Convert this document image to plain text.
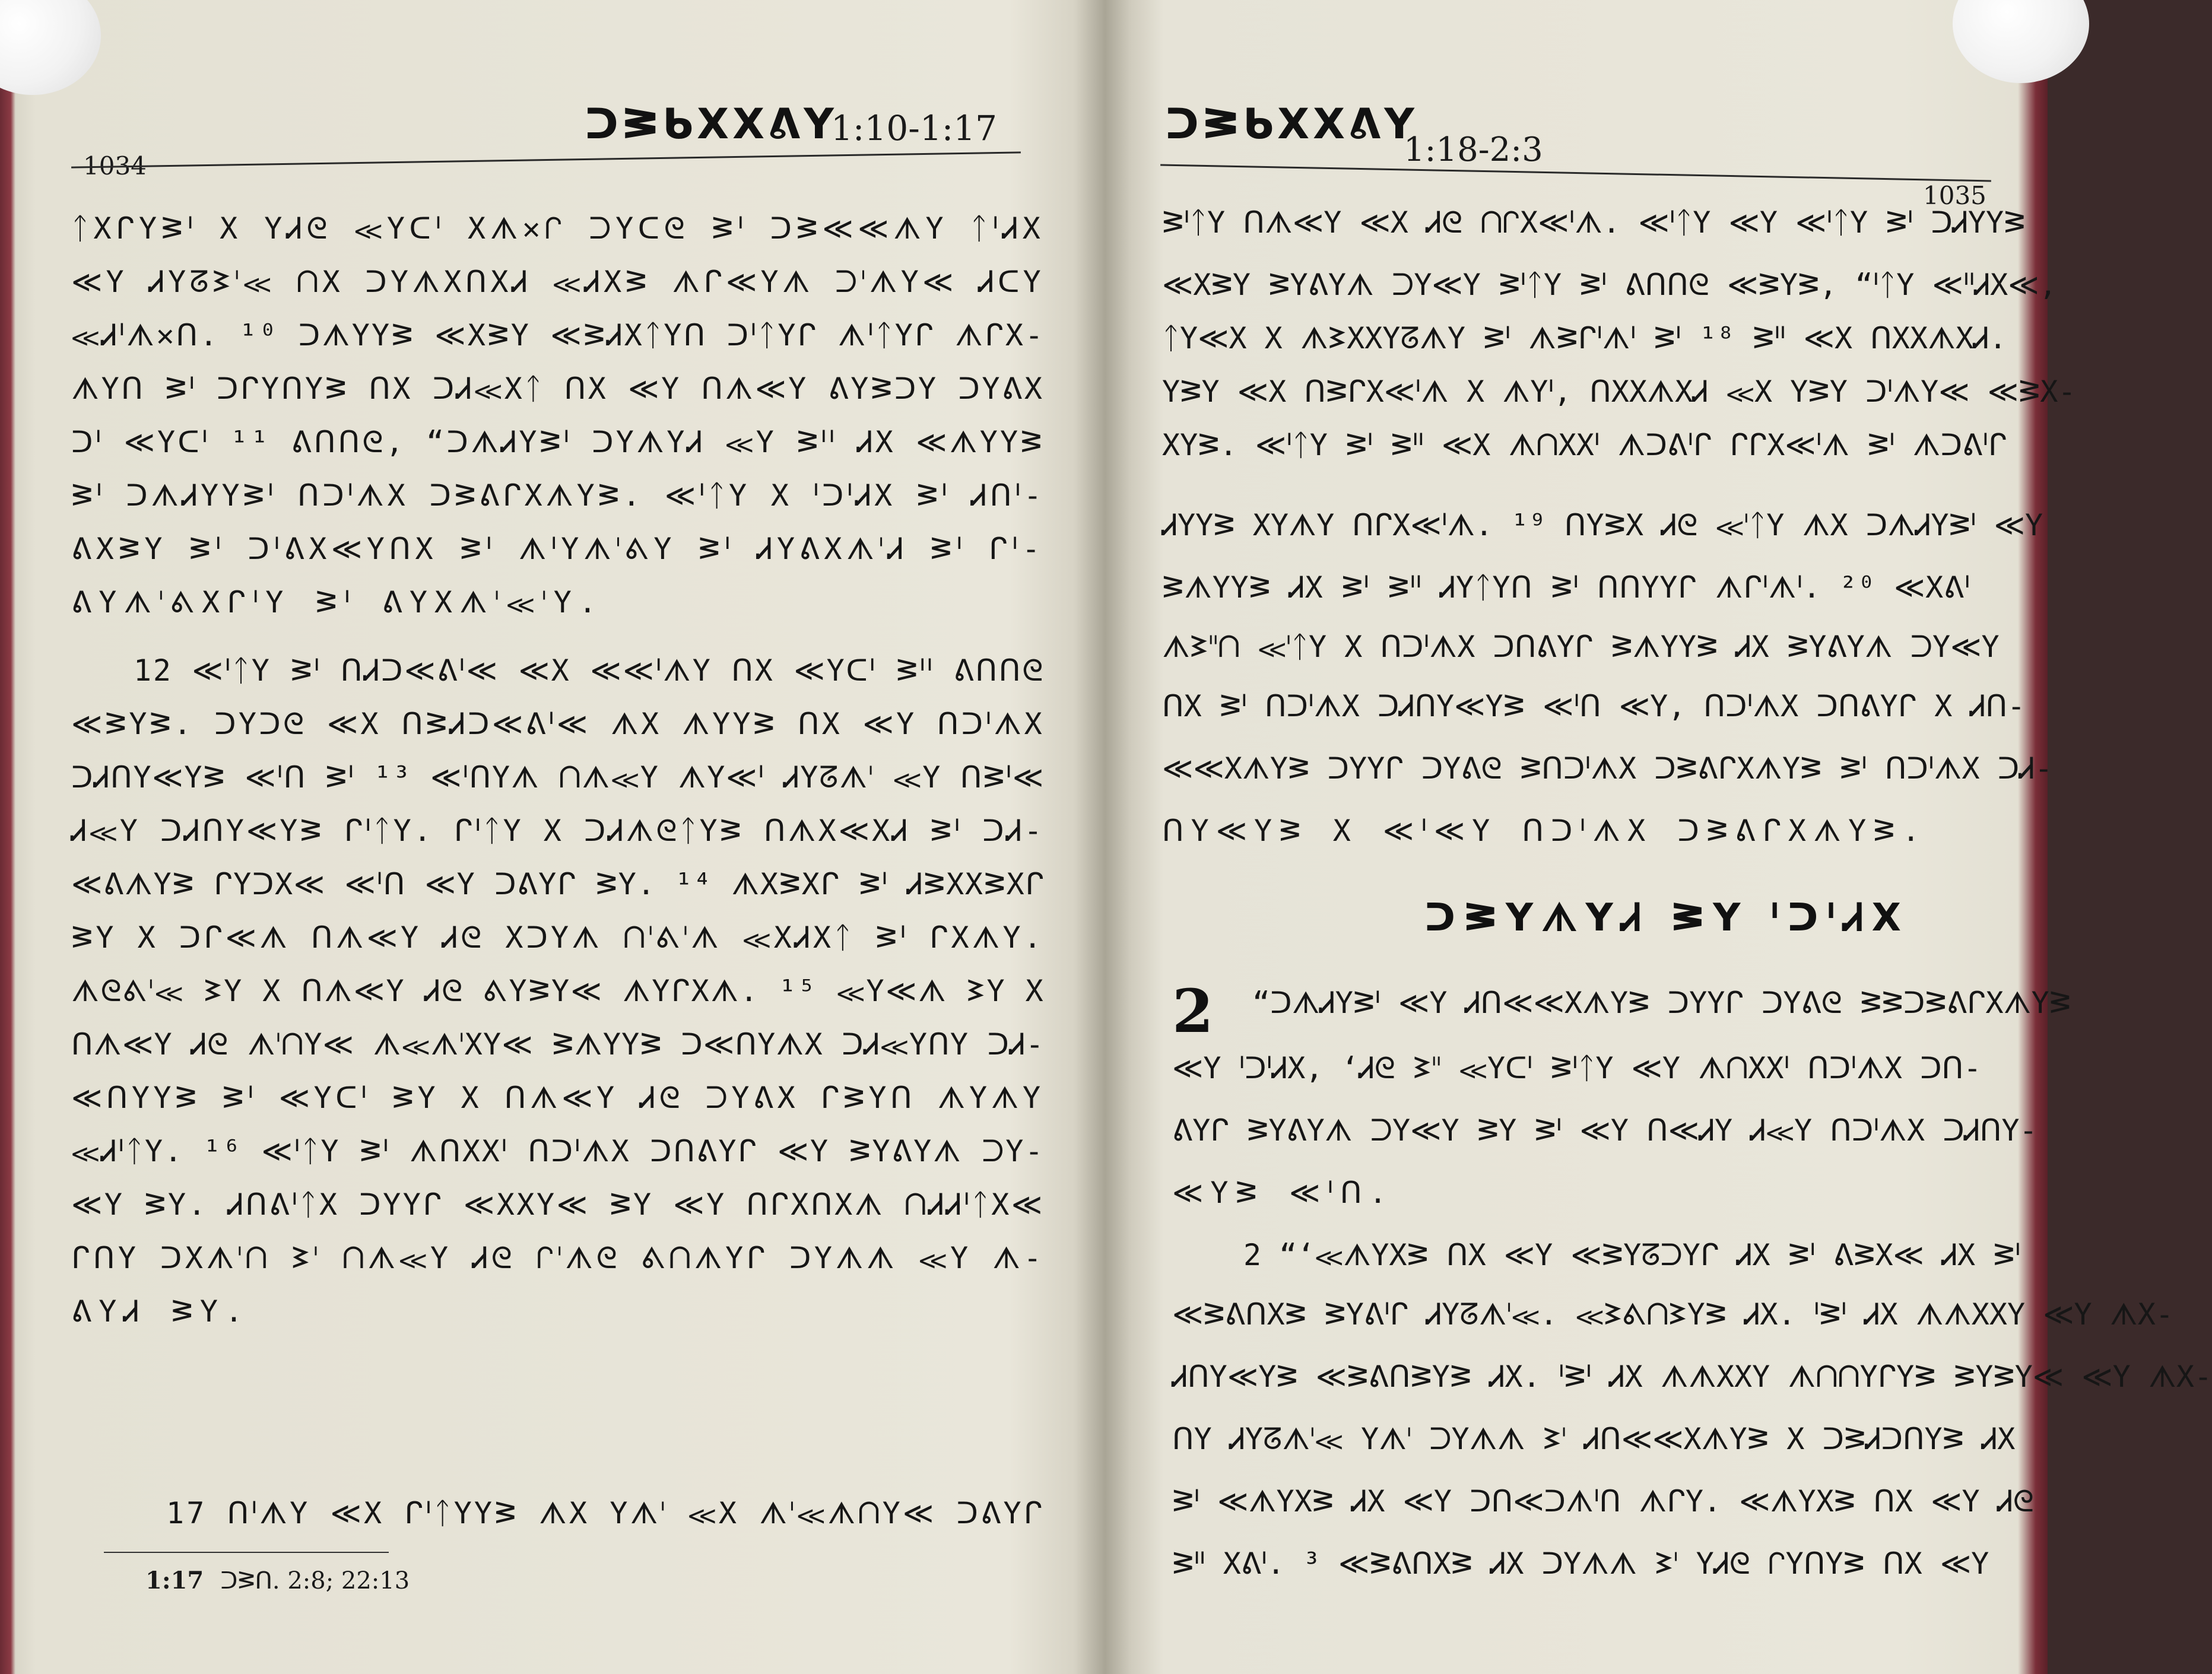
ᑐᕒᑲXXᕕY
1:10-1:17
1034
ᛏXᒋYᕒᑊ X YᏗᘓ ≪Yᑕᑊ Xᗑ✕ᒋ ᑐYᑕᘓ ᕒᑊ ᑐᕒ≪≪ᗑY ᛏᑊᏗX
≪Y ᏗYᘔᕒᑊ≪ ᑎX ᑐYᗑXᑎXᏗ ≪ᏗXᕒ ᗑᒋ≪Yᗑ ᑐᑊᗑY≪ ᏗᑕY
≪Ꮧᑊᗑ✕ᑎ. ¹⁰ ᑐᗑYYᕒ ≪XᕒY ≪ᕒᏗXᛏYᑎ ᑐᑊᛏYᒋ ᗑᑊᛏYᒋ ᗑᒋX-
ᗑYᑎ ᕒᑊ ᑐᒋYᑎYᕒ ᑎX ᑐᏗ≪Xᛏ ᑎX ≪Y ᑎᗑ≪Y ᕕYᕒᑐY ᑐYᕕX
ᑐᑊ ≪Yᑕᑊ ¹¹ ᕕᑎᑎᘓ, “ᑐᗑᏗYᕒᑊ ᑐYᗑYᏗ ≪Y ᕒᑊᑊ ᏗX ≪ᗑYYᕒ
ᕒᑊ ᑐᗑᏗYYᕒᑊ ᑎᑐᑊᗑX ᑐᕒᕕᒋXᗑYᕒ. ≪ᑊᛏY X ᑊᑐᑊᏗX ᕒᑊ Ꮧᑎᑊ-
ᕕXᕒY ᕒᑊ ᑐᑊᕕX≪YᑎX ᕒᑊ ᗑᑊYᗑᑊᕕY ᕒᑊ ᏗYᕕXᗑᑊᏗ ᕒᑊ ᒋᑊ-
ᕕYᗑᑊᕕXᒋᑊY ᕒᑊ ᕕYXᗑᑊ≪ᑊY.
12 ≪ᑊᛏY ᕒᑊ ᑎᏗᑐ≪ᕕᑊ≪ ≪X ≪≪ᑊᗑY ᑎX ≪Yᑕᑊ ᕒᑊᑊ ᕕᑎᑎᘓ
≪ᕒYᕒ. ᑐYᑐᘓ ≪X ᑎᕒᏗᑐ≪ᕕᑊ≪ ᗑX ᗑYYᕒ ᑎX ≪Y ᑎᑐᑊᗑX
ᑐᏗᑎY≪Yᕒ ≪ᑊᑎ ᕒᑊ ¹³ ≪ᑊᑎYᗑ ᑎᗑ≪Y ᗑY≪ᑊ ᏗYᘔᗑᑊ ≪Y ᑎᕒᑊ≪
Ꮧ≪Y ᑐᏗᑎY≪Yᕒ ᒋᑊᛏY. ᒋᑊᛏY X ᑐᏗᗑᘓᛏYᕒ ᑎᗑX≪XᏗ ᕒᑊ ᑐᏗ-
≪ᕕᗑYᕒ ᒋYᑐX≪ ≪ᑊᑎ ≪Y ᑐᕕYᒋ ᕒY. ¹⁴ ᗑXᕒXᒋ ᕒᑊ ᏗᕒXXᕒXᒋ
ᕒY X ᑐᒋ≪ᗑ ᑎᗑ≪Y Ꮧᘓ XᑐYᗑ ᑎᑊᕕᑊᗑ ≪XᏗXᛏ ᕒᑊ ᒋXᗑY.
ᗑᘓᕕᑊ≪ ᕒY X ᑎᗑ≪Y Ꮧᘓ ᕕYᕒY≪ ᗑYᒋXᗑ. ¹⁵ ≪Y≪ᗑ ᕒY X
ᑎᗑ≪Y Ꮧᘓ ᗑᑊᑎY≪ ᗑ≪ᗑᑊXY≪ ᕒᗑYYᕒ ᑐ≪ᑎYᗑX ᑐᏗ≪YᑎY ᑐᏗ-
≪ᑎYYᕒ ᕒᑊ ≪Yᑕᑊ ᕒY X ᑎᗑ≪Y Ꮧᘓ ᑐYᕕX ᒋᕒYᑎ ᗑYᗑY
≪ᏗᑊᛏY. ¹⁶ ≪ᑊᛏY ᕒᑊ ᗑᑎXXᑊ ᑎᑐᑊᗑX ᑐᑎᕕYᒋ ≪Y ᕒYᕕYᗑ ᑐY-
≪Y ᕒY. ᏗᑎᕕᑊᛏX ᑐYYᒋ ≪XXY≪ ᕒY ≪Y ᑎᒋXᑎXᗑ ᑎᏗᏗᑊᛏX≪
ᒋᑎY ᑐXᗑᑊᑎ ᕒᑊ ᑎᗑ≪Y Ꮧᘓ ᒋᑊᗑᘓ ᕕᑎᗑYᒋ ᑐYᗑᗑ ≪Y ᗑ-
ᕕYᏗ ᕒY.
17 ᑎᑊᗑY ≪X ᒋᑊᛏYYᕒ ᗑX Yᗑᑊ ≪X ᗑᑊ≪ᗑᑎY≪ ᑐᕕYᒋ
1:17 ᑐᕒᑎ. 2:8; 22:13
ᑐᕒᑲXXᕕY
1:18-2:3
1035
ᕒᑊᛏY ᑎᗑ≪Y ≪X Ꮧᘓ ᑎᒋX≪ᑊᗑ. ≪ᑊᛏY ≪Y ≪ᑊᛏY ᕒᑊ ᑐᏗYYᕒ
≪XᕒY ᕒYᕕYᗑ ᑐY≪Y ᕒᑊᛏY ᕒᑊ ᕕᑎᑎᘓ ≪ᕒYᕒ, “ᑊᛏY ≪ᑊᑊᏗX≪,
ᛏY≪X X ᗑᕒXXYᘔᗑY ᕒᑊ ᗑᕒᒋᑊᗑᑊ ᕒᑊ ¹⁸ ᕒᑊᑊ ≪X ᑎXXᗑXᏗ.
YᕒY ≪X ᑎᕒᒋX≪ᑊᗑ X ᗑYᑊ, ᑎXXᗑXᏗ ≪X YᕒY ᑐᑊᗑY≪ ≪ᕒX-
XYᕒ. ≪ᑊᛏY ᕒᑊ ᕒᑊᑊ ≪X ᗑᑎXXᑊ ᗑᑐᕕᑊᒋ ᒋᒋX≪ᑊᗑ ᕒᑊ ᗑᑐᕕᑊᒋ
ᏗYYᕒ XYᗑY ᑎᒋX≪ᑊᗑ. ¹⁹ ᑎYᕒX Ꮧᘓ ≪ᑊᛏY ᗑX ᑐᗑᏗYᕒᑊ ≪Y
ᕒᗑYYᕒ ᏗX ᕒᑊ ᕒᑊᑊ ᏗYᛏYᑎ ᕒᑊ ᑎᑎYYᒋ ᗑᒋᑊᗑᑊ. ²⁰ ≪Xᕕᑊ
ᗑᕒᑊᑊᑎ ≪ᑊᛏY X ᑎᑐᑊᗑX ᑐᑎᕕYᒋ ᕒᗑYYᕒ ᏗX ᕒYᕕYᗑ ᑐY≪Y
ᑎX ᕒᑊ ᑎᑐᑊᗑX ᑐᏗᑎY≪Yᕒ ≪ᑊᑎ ≪Y, ᑎᑐᑊᗑX ᑐᑎᕕYᒋ X Ꮧᑎ-
≪≪XᗑYᕒ ᑐYYᒋ ᑐYᕕᘓ ᕒᑎᑐᑊᗑX ᑐᕒᕕᒋXᗑYᕒ ᕒᑊ ᑎᑐᑊᗑX ᑐᏗ-
ᑎY≪Yᕒ X ≪ᑊ≪Y ᑎᑐᑊᗑX ᑐᕒᕕᒋXᗑYᕒ.
ᑐᕒYᗑYᏗ ᕒY ᑊᑐᑊᏗX
2 “ᑐᗑᏗYᕒᑊ ≪Y Ꮧᑎ≪≪XᗑYᕒ ᑐYYᒋ ᑐYᕕᘓ ᕒᕒᑐᕒᕕᒋXᗑYᕒ
≪Y ᑊᑐᑊᏗX, ‘Ꮧᘓ ᕒᑊᑊ ≪Yᑕᑊ ᕒᑊᛏY ≪Y ᗑᑎXXᑊ ᑎᑐᑊᗑX ᑐᑎ-
ᕕYᒋ ᕒYᕕYᗑ ᑐY≪Y ᕒY ᕒᑊ ≪Y ᑎ≪ᏗY Ꮧ≪Y ᑎᑐᑊᗑX ᑐᏗᑎY-
≪Yᕒ ≪ᑊᑎ.
2 “‘≪ᗑYXᕒ ᑎX ≪Y ≪ᕒYᘔᑐYᒋ ᏗX ᕒᑊ ᕕᕒX≪ ᏗX ᕒᑊ
≪ᕒᕕᑎXᕒ ᕒYᕕᑊᒋ ᏗYᘔᗑᑊ≪. ≪ᕒᕕᑎᕒYᕒ ᏗX. ᑊᕒᑊ ᏗX ᗑᗑXXY ≪Y ᗑX-
ᏗᑎY≪Yᕒ ≪ᕒᕕᑎᕒYᕒ ᏗX. ᑊᕒᑊ ᏗX ᗑᗑXXY ᗑᑎᑎYᒋYᕒ ᕒYᕒY≪ ≪Y ᗑX-
ᑎY ᏗYᘔᗑᑊ≪ Yᗑᑊ ᑐYᗑᗑ ᕒᑊ Ꮧᑎ≪≪XᗑYᕒ X ᑐᕒᏗᑐᑎYᕒ ᏗX
ᕒᑊ ≪ᗑYXᕒ ᏗX ≪Y ᑐᑎ≪ᑐᗑᑊᑎ ᗑᒋY. ≪ᗑYXᕒ ᑎX ≪Y Ꮧᘓ
ᕒᑊᑊ Xᕕᑊ. ³ ≪ᕒᕕᑎXᕒ ᏗX ᑐYᗑᗑ ᕒᑊ YᏗᘓ ᒋYᑎYᕒ ᑎX ≪Y
